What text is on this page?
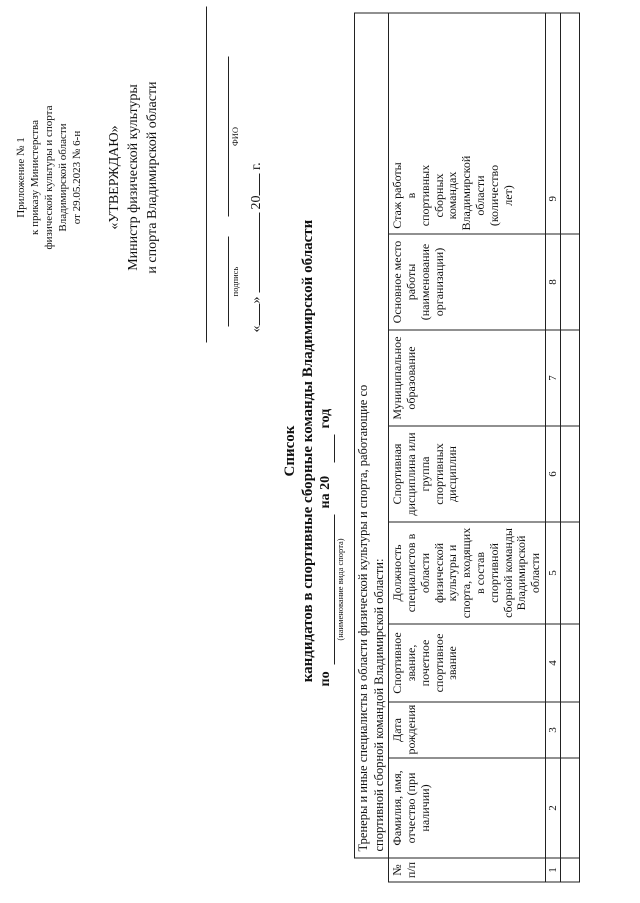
Приложение № 1 к приказу Министерства физической культуры и спорта Владимирской области от 29.05.2023 № 6-н «УТВЕРЖДАЮ» Министр физической культуры и спорта Владимирской области
подпись
ФИО
«»  20 г.
Список кандидатов в спортивные сборные команды Владимирской области по
на 20
год
(наименование вида спорта)

	Тренеры и иные специалисты в области физической культуры и спорта, работающие со спортивной сборной командой Владимирской области:							

№ п/п	Фамилия, имя, отчество (при наличии)	Дата рождения	Спортивное звание, почетное спортивное звание	Должность специалистов в области физической культуры и спорта, входящих в состав спортивной сборной команды Владимирской области	Спортивная дисциплина или группа спортивных дисциплин	Муниципальное образование	Основное место работы (наименование организации)	Стаж работы в спортивных сборных командах Владимирской области (количество лет)

1	2	3	4	5	6	7	8	9
